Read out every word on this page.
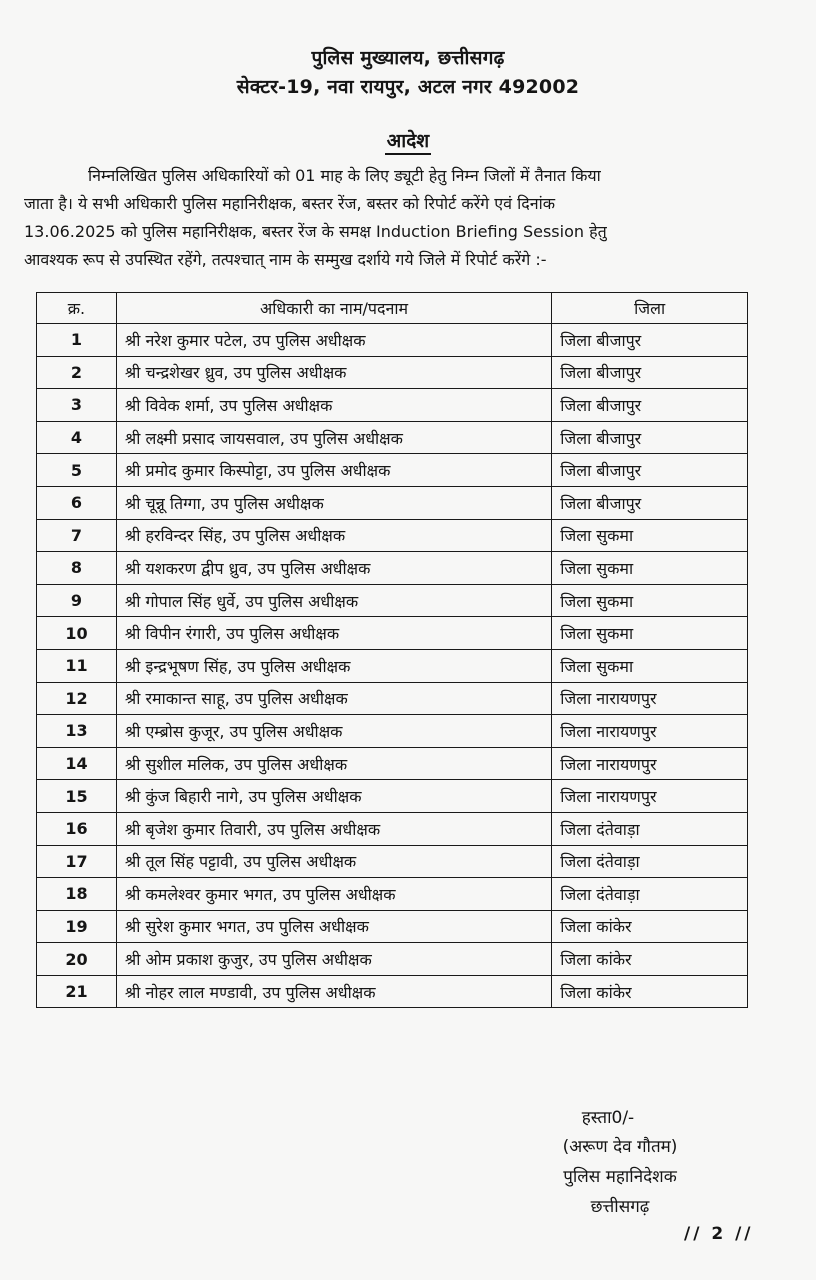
पुलिस मुख्यालय, छत्तीसगढ़
सेक्टर-19, नवा रायपुर, अटल नगर 492002
आदेश
निम्नलिखित पुलिस अधिकारियों को 01 माह के लिए ड्यूटी हेतु निम्न जिलों में तैनात किया
जाता है। ये सभी अधिकारी पुलिस महानिरीक्षक, बस्तर रेंज, बस्तर को रिपोर्ट करेंगे एवं दिनांक
13.06.2025 को पुलिस महानिरीक्षक, बस्तर रेंज के समक्ष Induction Briefing Session हेतु
आवश्यक रूप से उपस्थित रहेंगे, तत्पश्चात् नाम के सम्मुख दर्शाये गये जिले में रिपोर्ट करेंगे :-
क्र.	अधिकारी का नाम/पदनाम	जिला
1	श्री नरेश कुमार पटेल, उप पुलिस अधीक्षक	जिला बीजापुर
2	श्री चन्द्रशेखर ध्रुव, उप पुलिस अधीक्षक	जिला बीजापुर
3	श्री विवेक शर्मा, उप पुलिस अधीक्षक	जिला बीजापुर
4	श्री लक्ष्मी प्रसाद जायसवाल, उप पुलिस अधीक्षक	जिला बीजापुर
5	श्री प्रमोद कुमार किस्पोट्टा, उप पुलिस अधीक्षक	जिला बीजापुर
6	श्री चून्नू तिग्गा, उप पुलिस अधीक्षक	जिला बीजापुर
7	श्री हरविन्दर सिंह, उप पुलिस अधीक्षक	जिला सुकमा
8	श्री यशकरण द्वीप ध्रुव, उप पुलिस अधीक्षक	जिला सुकमा
9	श्री गोपाल सिंह धुर्वे, उप पुलिस अधीक्षक	जिला सुकमा
10	श्री विपीन रंगारी, उप पुलिस अधीक्षक	जिला सुकमा
11	श्री इन्द्रभूषण सिंह, उप पुलिस अधीक्षक	जिला सुकमा
12	श्री रमाकान्त साहू, उप पुलिस अधीक्षक	जिला नारायणपुर
13	श्री एम्ब्रोस कुजूर, उप पुलिस अधीक्षक	जिला नारायणपुर
14	श्री सुशील मलिक, उप पुलिस अधीक्षक	जिला नारायणपुर
15	श्री कुंज बिहारी नागे, उप पुलिस अधीक्षक	जिला नारायणपुर
16	श्री बृजेश कुमार तिवारी, उप पुलिस अधीक्षक	जिला दंतेवाड़ा
17	श्री तूल सिंह पट्टावी, उप पुलिस अधीक्षक	जिला दंतेवाड़ा
18	श्री कमलेश्वर कुमार भगत, उप पुलिस अधीक्षक	जिला दंतेवाड़ा
19	श्री सुरेश कुमार भगत, उप पुलिस अधीक्षक	जिला कांकेर
20	श्री ओम प्रकाश कुजुर, उप पुलिस अधीक्षक	जिला कांकेर
21	श्री नोहर लाल मण्डावी, उप पुलिस अधीक्षक	जिला कांकेर
हस्ता0/-
(अरूण देव गौतम)
पुलिस महानिदेशक
छत्तीसगढ़
// 2 //
